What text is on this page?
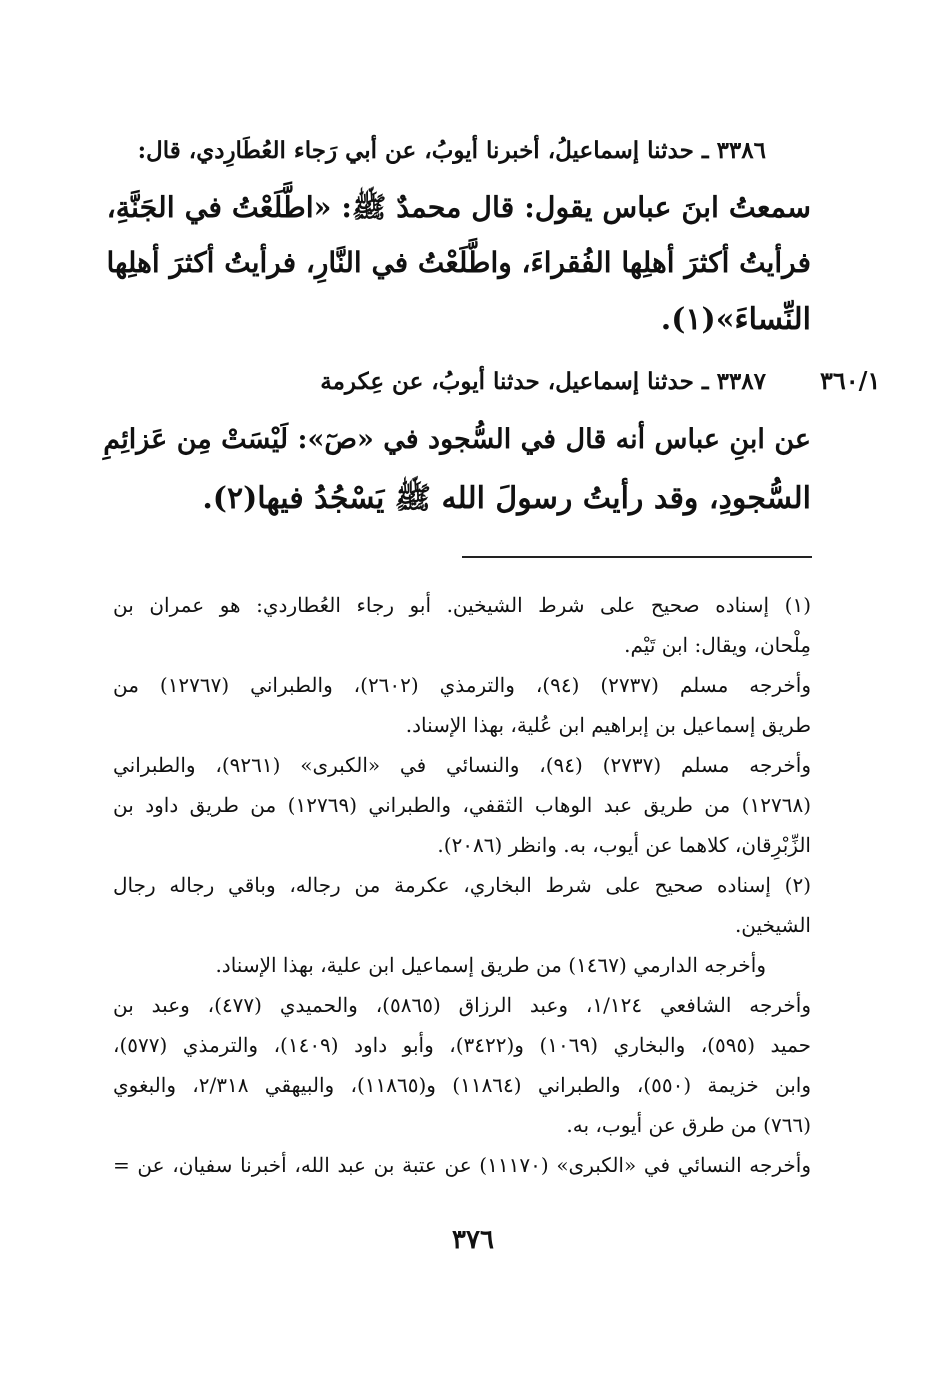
٣٣٨٦ ـ حدثنا إسماعيلُ، أخبرنا أيوبُ، عن أبي رَجاء العُطَارِدي، قال:
سمعتُ ابنَ عباس يقول: قال محمدٌ ﷺ: «اطَّلَعْتُ في الجَنَّةِ،
فرأيتُ أكثرَ أهلِها الفُقراءَ، واطَّلَعْتُ في النَّارِ، فرأيتُ أكثرَ أهلِها
النِّساءَ»(١).
٣٦٠/١
٣٣٨٧ ـ حدثنا إسماعيل، حدثنا أيوبُ، عن عِكرمة
عن ابنِ عباس أنه قال في السُّجود في «صٓ»: لَيْسَتْ مِن عَزائِمِ
السُّجودِ، وقد رأيتُ رسولَ الله ﷺ يَسْجُدُ فيها(٢).
(١) إسناده صحيح على شرط الشيخين. أبو رجاء العُطاردي: هو عمران بن
مِلْحان، ويقال: ابن تَيْم.
وأخرجه مسلم (٢٧٣٧) (٩٤)، والترمذي (٢٦٠٢)، والطبراني (١٢٧٦٧) من
طريق إسماعيل بن إبراهيم ابن عُلية، بهذا الإسناد.
وأخرجه مسلم (٢٧٣٧) (٩٤)، والنسائي في «الكبرى» (٩٢٦١)، والطبراني
(١٢٧٦٨) من طريق عبد الوهاب الثقفي، والطبراني (١٢٧٦٩) من طريق داود بن
الزِّبْرِقان، كلاهما عن أيوب، به. وانظر (٢٠٨٦).
(٢) إسناده صحيح على شرط البخاري، عكرمة من رجاله، وباقي رجاله رجال
الشيخين.
وأخرجه الدارمي (١٤٦٧) من طريق إسماعيل ابن علية، بهذا الإسناد.
وأخرجه الشافعي ١/١٢٤، وعبد الرزاق (٥٨٦٥)، والحميدي (٤٧٧)، وعبد بن
حميد (٥٩٥)، والبخاري (١٠٦٩) و(٣٤٢٢)، وأبو داود (١٤٠٩)، والترمذي (٥٧٧)،
وابن خزيمة (٥٥٠)، والطبراني (١١٨٦٤) و(١١٨٦٥)، والبيهقي ٢/٣١٨، والبغوي
(٧٦٦) من طرق عن أيوب، به.
وأخرجه النسائي في «الكبرى» (١١١٧٠) عن عتبة بن عبد الله، أخبرنا سفيان، عن =
٣٧٦
